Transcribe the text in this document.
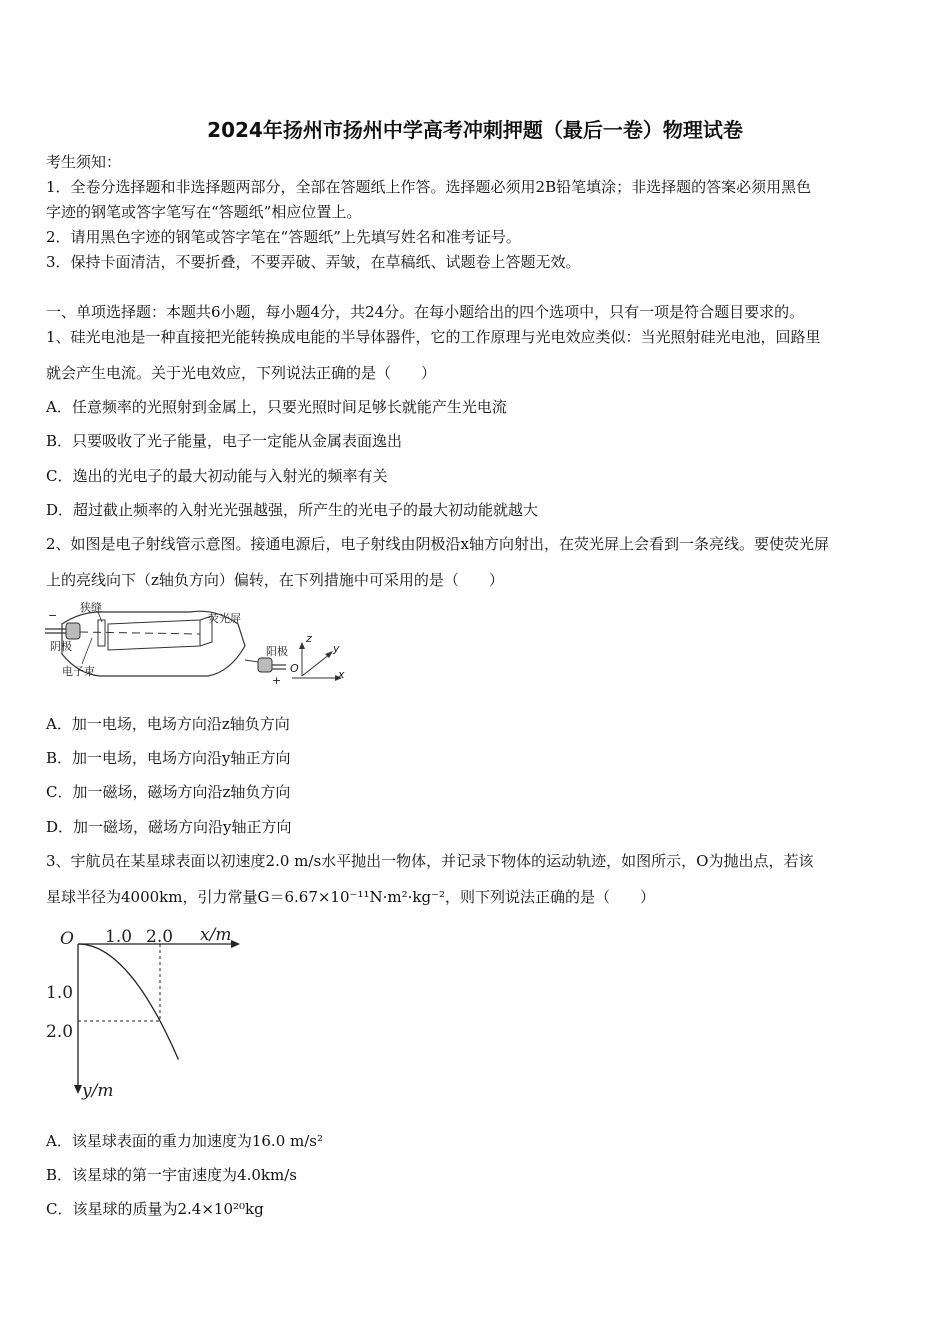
2024年扬州市扬州中学高考冲刺押题（最后一卷）物理试卷
考生须知：
1．全卷分选择题和非选择题两部分，全部在答题纸上作答。选择题必须用2B铅笔填涂；非选择题的答案必须用黑色
字迹的钢笔或答字笔写在“答题纸”相应位置上。
2．请用黑色字迹的钢笔或答字笔在“答题纸”上先填写姓名和准考证号。
3．保持卡面清洁，不要折叠，不要弄破、弄皱，在草稿纸、试题卷上答题无效。
一、单项选择题：本题共6小题，每小题4分，共24分。在每小题给出的四个选项中，只有一项是符合题目要求的。
1、硅光电池是一种直接把光能转换成电能的半导体器件，它的工作原理与光电效应类似：当光照射硅光电池，回路里
就会产生电流。关于光电效应，下列说法正确的是（　　）
A．任意频率的光照射到金属上，只要光照时间足够长就能产生光电流
B．只要吸收了光子能量，电子一定能从金属表面逸出
C．逸出的光电子的最大初动能与入射光的频率有关
D．超过截止频率的入射光光强越强，所产生的光电子的最大初动能就越大
2、如图是电子射线管示意图。接通电源后，电子射线由阴极沿x轴方向射出，在荧光屏上会看到一条亮线。要使荧光屏
上的亮线向下（z轴负方向）偏转，在下列措施中可采用的是（　　）
−
狭缝
荧光屏
阴极
电子束
阳极
+
z
y
x
O
A．加一电场，电场方向沿z轴负方向
B．加一电场，电场方向沿y轴正方向
C．加一磁场，磁场方向沿z轴负方向
D．加一磁场，磁场方向沿y轴正方向
3、宇航员在某星球表面以初速度2.0 m/s水平抛出一物体，并记录下物体的运动轨迹，如图所示，O为抛出点，若该
星球半径为4000km，引力常量G＝6.67×10⁻¹¹N·m²·kg⁻²，则下列说法正确的是（　　）
O	x/m
y/m
1.0 2.0
1.0
2.0
A．该星球表面的重力加速度为16.0 m/s²
B．该星球的第一宇宙速度为4.0km/s
C．该星球的质量为2.4×10²⁰kg
